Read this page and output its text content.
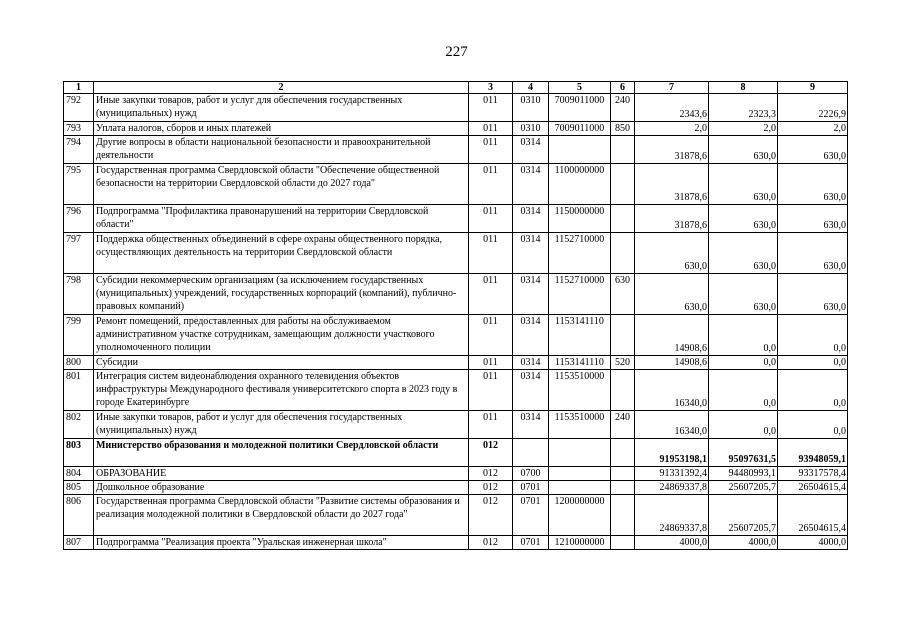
227
1	2	3	4	5	6	7	8	9
792	Иные закупки товаров, работ и услуг для обеспечения государственных (муниципальных) нужд	011	0310	7009011000	240	2343,6	2323,3	2226,9
793	Уплата налогов, сборов и иных платежей	011	0310	7009011000	850	2,0	2,0	2,0
794	Другие вопросы в области национальной безопасности и правоохранительной деятельности	011	0314			31878,6	630,0	630,0
795	Государственная программа Свердловской области "Обеспечение общественной безопасности на территории Свердловской области до 2027 года"	011	0314	1100000000		31878,6	630,0	630,0
796	Подпрограмма "Профилактика правонарушений на территории Свердловской области"	011	0314	1150000000		31878,6	630,0	630,0
797	Поддержка общественных объединений в сфере охраны общественного порядка, осуществляющих деятельность на территории Свердловской области	011	0314	1152710000		630,0	630,0	630,0
798	Субсидии некоммерческим организациям (за исключением государственных (муниципальных) учреждений, государственных корпораций (компаний), публично-правовых компаний)	011	0314	1152710000	630	630,0	630,0	630,0
799	Ремонт помещений, предоставленных для работы на обслуживаемом административном участке сотрудникам, замещающим должности участкового уполномоченного полиции	011	0314	1153141110		14908,6	0,0	0,0
800	Субсидии	011	0314	1153141110	520	14908,6	0,0	0,0
801	Интеграция систем видеонаблюдения охранного телевидения объектов инфраструктуры Международного фестиваля университетского спорта в 2023 году в городе Екатеринбурге	011	0314	1153510000		16340,0	0,0	0,0
802	Иные закупки товаров, работ и услуг для обеспечения государственных (муниципальных) нужд	011	0314	1153510000	240	16340,0	0,0	0,0
803	Министерство образования и молодежной политики Свердловской области	012				91953198,1	95097631,5	93948059,1
804	ОБРАЗОВАНИЕ	012	0700			91331392,4	94480993,1	93317578,4
805	Дошкольное образование	012	0701			24869337,8	25607205,7	26504615,4
806	Государственная программа Свердловской области "Развитие системы образования и реализация молодежной политики в Свердловской области до 2027 года"	012	0701	1200000000		24869337,8	25607205,7	26504615,4
807	Подпрограмма "Реализация проекта "Уральская инженерная школа"	012	0701	1210000000		4000,0	4000,0	4000,0
